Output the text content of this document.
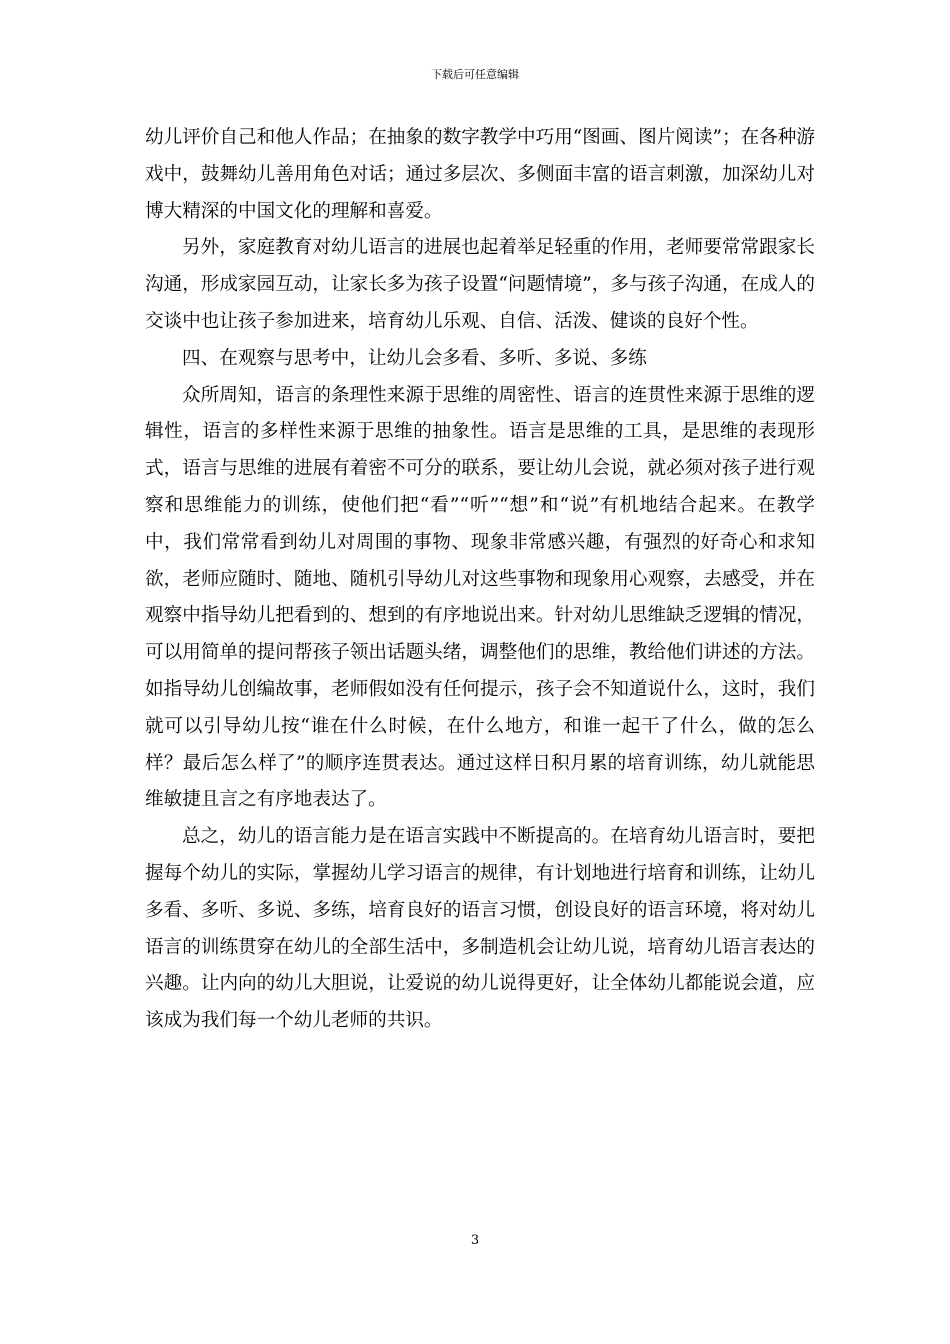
下载后可任意编辑

幼儿评价自己和他人作品；在抽象的数字教学中巧用“图画、图片阅读”；在各种游戏中，鼓舞幼儿善用角色对话；通过多层次、多侧面丰富的语言刺激，加深幼儿对博大精深的中国文化的理解和喜爱。

另外，家庭教育对幼儿语言的进展也起着举足轻重的作用，老师要常常跟家长沟通，形成家园互动，让家长多为孩子设置“问题情境”，多与孩子沟通，在成人的交谈中也让孩子参加进来，培育幼儿乐观、自信、活泼、健谈的良好个性。

四、在观察与思考中，让幼儿会多看、多听、多说、多练

众所周知，语言的条理性来源于思维的周密性、语言的连贯性来源于思维的逻辑性，语言的多样性来源于思维的抽象性。语言是思维的工具，是思维的表现形式，语言与思维的进展有着密不可分的联系，要让幼儿会说，就必须对孩子进行观察和思维能力的训练，使他们把“看”“听”“想”和“说”有机地结合起来。在教学中，我们常常看到幼儿对周围的事物、现象非常感兴趣，有强烈的好奇心和求知欲，老师应随时、随地、随机引导幼儿对这些事物和现象用心观察，去感受，并在观察中指导幼儿把看到的、想到的有序地说出来。针对幼儿思维缺乏逻辑的情况，可以用简单的提问帮孩子领出话题头绪，调整他们的思维，教给他们讲述的方法。如指导幼儿创编故事，老师假如没有任何提示，孩子会不知道说什么，这时，我们就可以引导幼儿按“谁在什么时候，在什么地方，和谁一起干了什么，做的怎么样？最后怎么样了”的顺序连贯表达。通过这样日积月累的培育训练，幼儿就能思维敏捷且言之有序地表达了。

总之，幼儿的语言能力是在语言实践中不断提高的。在培育幼儿语言时，要把握每个幼儿的实际，掌握幼儿学习语言的规律，有计划地进行培育和训练，让幼儿多看、多听、多说、多练，培育良好的语言习惯，创设良好的语言环境，将对幼儿语言的训练贯穿在幼儿的全部生活中，多制造机会让幼儿说，培育幼儿语言表达的兴趣。让内向的幼儿大胆说，让爱说的幼儿说得更好，让全体幼儿都能说会道，应该成为我们每一个幼儿老师的共识。

3
